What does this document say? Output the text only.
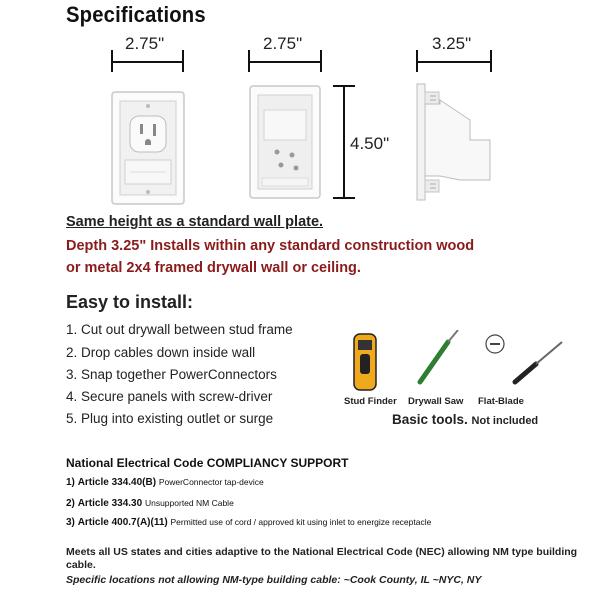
Specifications
2.75"	2.75"	3.25"
4.50"
Same height as a standard wall plate.
Depth 3.25" Installs within any standard construction wood
or metal 2x4 framed drywall wall or ceiling.
Easy to install:
1. Cut out drywall between stud frame
2. Drop cables down inside wall
3. Snap together PowerConnectors
4. Secure panels with screw-driver
5. Plug into existing outlet or surge
Stud Finder Drywall Saw Flat-Blade
Basic tools. Not included
National Electrical Code COMPLIANCY SUPPORT
1) Article 334.40(B) PowerConnector tap-device
2) Article 334.30 Unsupported NM Cable
3) Article 400.7(A)(11) Permitted use of cord / approved kit using inlet to energize receptacle
Meets all US states and cities adaptive to the National Electrical Code (NEC) allowing NM type building cable.
Specific locations not allowing NM-type building cable: ~Cook County, IL ~NYC, NY
